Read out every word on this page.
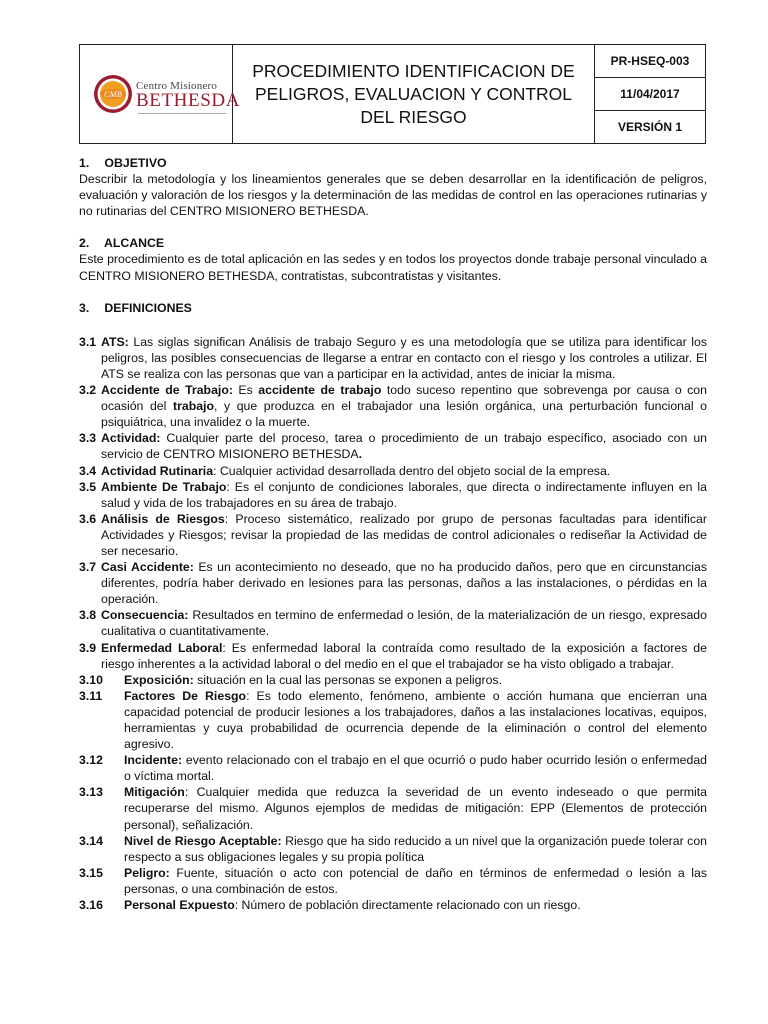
CMB
Centro Misionero
BETHESDA
PROCEDIMIENTO IDENTIFICACION DE PELIGROS, EVALUACION Y CONTROL DEL RIESGO
PR-HSEQ-003
11/04/2017
VERSIÓN 1

1. OBJETIVO

Describir la metodología y los lineamientos generales que se deben desarrollar en la identificación de peligros, evaluación y valoración de los riesgos y la determinación de las medidas de control en las operaciones rutinarias y no rutinarias del CENTRO MISIONERO BETHESDA.

2. ALCANCE

Este procedimiento es de total aplicación en las sedes y en todos los proyectos donde trabaje personal vinculado a CENTRO MISIONERO BETHESDA, contratistas, subcontratistas y visitantes.

3. DEFINICIONES

3.1 ATS: Las siglas significan Análisis de trabajo Seguro y es una metodología que se utiliza para identificar los peligros, las posibles consecuencias de llegarse a entrar en contacto con el riesgo y los controles a utilizar. El ATS se realiza con las personas que van a participar en la actividad, antes de iniciar la misma.
3.2 Accidente de Trabajo: Es accidente de trabajo todo suceso repentino que sobrevenga por causa o con ocasión del trabajo, y que produzca en el trabajador una lesión orgánica, una perturbación funcional o psiquiátrica, una invalidez o la muerte.
3.3 Actividad: Cualquier parte del proceso, tarea o procedimiento de un trabajo específico, asociado con un servicio de CENTRO MISIONERO BETHESDA.
3.4 Actividad Rutinaria: Cualquier actividad desarrollada dentro del objeto social de la empresa.
3.5 Ambiente De Trabajo: Es el conjunto de condiciones laborales, que directa o indirectamente influyen en la salud y vida de los trabajadores en su área de trabajo.
3.6 Análisis de Riesgos: Proceso sistemático, realizado por grupo de personas facultadas para identificar Actividades y Riesgos; revisar la propiedad de las medidas de control adicionales o rediseñar la Actividad de ser necesario.
3.7 Casi Accidente: Es un acontecimiento no deseado, que no ha producido daños, pero que en circunstancias diferentes, podría haber derivado en lesiones para las personas, daños a las instalaciones, o pérdidas en la operación.
3.8 Consecuencia: Resultados en termino de enfermedad o lesión, de la materialización de un riesgo, expresado cualitativa o cuantitativamente.
3.9 Enfermedad Laboral: Es enfermedad laboral la contraída como resultado de la exposición a factores de riesgo inherentes a la actividad laboral o del medio en el que el trabajador se ha visto obligado a trabajar.
3.10	Exposición: situación en la cual las personas se exponen a peligros.
3.11	Factores De Riesgo: Es todo elemento, fenómeno, ambiente o acción humana que encierran una capacidad potencial de producir lesiones a los trabajadores, daños a las instalaciones locativas, equipos, herramientas y cuya probabilidad de ocurrencia depende de la eliminación o control del elemento agresivo.
3.12	Incidente: evento relacionado con el trabajo en el que ocurrió o pudo haber ocurrido lesión o enfermedad o víctima mortal.
3.13	Mitigación: Cualquier medida que reduzca la severidad de un evento indeseado o que permita recuperarse del mismo. Algunos ejemplos de medidas de mitigación: EPP (Elementos de protección personal), señalización.
3.14	Nivel de Riesgo Aceptable: Riesgo que ha sido reducido a un nivel que la organización puede tolerar con respecto a sus obligaciones legales y su propia política
3.15	Peligro: Fuente, situación o acto con potencial de daño en términos de enfermedad o lesión a las personas, o una combinación de estos.
3.16	Personal Expuesto: Número de población directamente relacionado con un riesgo.
